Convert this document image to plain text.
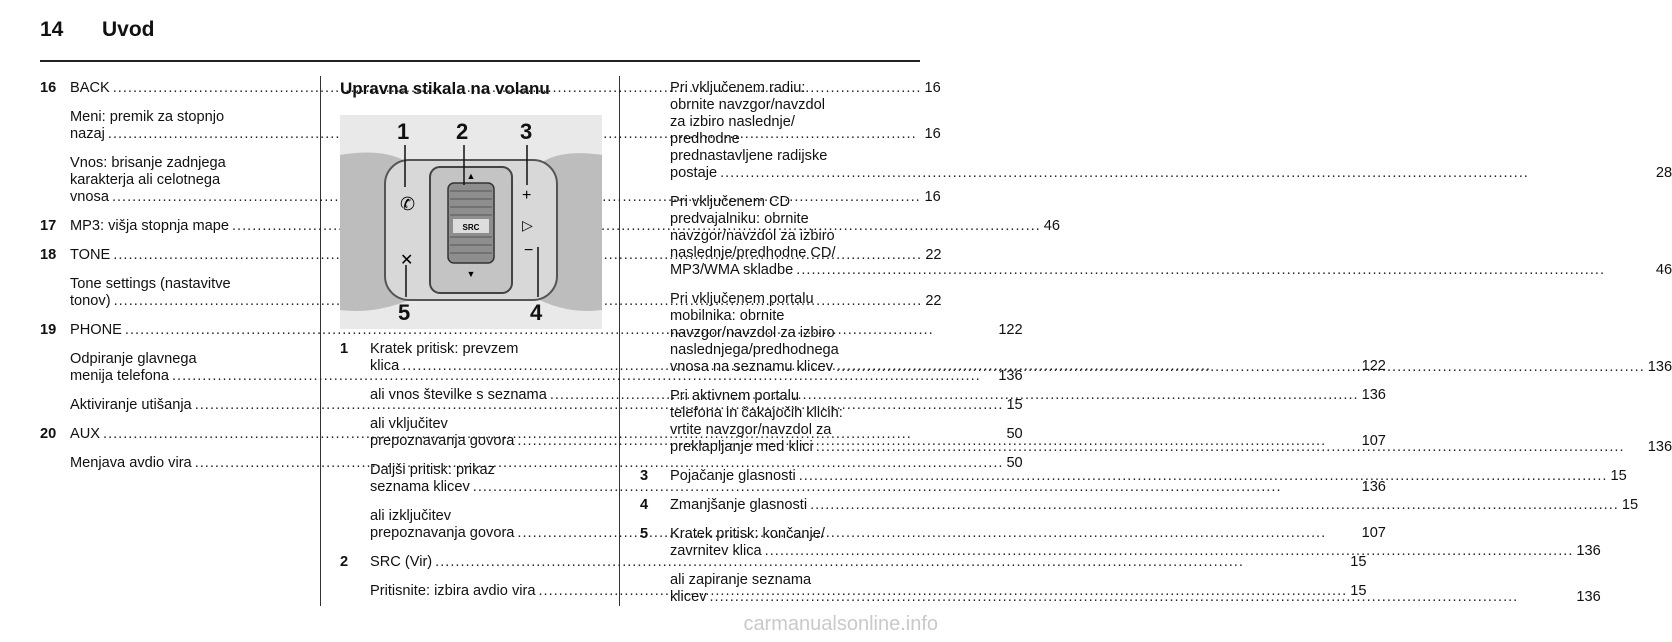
14 Uvod
16 BACK .....	16
Meni: premik za stopnjo
nazaj .....	16
Vnos: brisanje zadnjega
karakterja ali celotnega
vnosa .....	16
17 MP3: višja stopnja mape .....	46
18 TONE .....	22
Tone settings (nastavitve
tonov) .....	22
19 PHONE .....	122
Odpiranje glavnega
menija telefona .....	136
Aktiviranje utišanja .....	15
20 AUX .....	50
Menjava avdio vira .....	50
Upravna stikala na volanu
SRC
▲
▼
✆
✕
+
▷
−
1 2 3
4
5
1	Kratek pritisk: prevzem
klica .....	122
ali vnos številke s seznama .....	136
ali vključitev
prepoznavanja govora .....	107
Daljši pritisk: prikaz
seznama klicev .....	136
ali izključitev
prepoznavanja govora .....	107
2	SRC (Vir) .....	15
Pritisnite: izbira avdio vira .....	15
Pri vključenem radiu:
obrnite navzgor/navzdol
za izbiro naslednje/
predhodne
prednastavljene radijske
postaje .....	28
Pri vključenem CD
predvajalniku: obrnite
navzgor/navzdol za izbiro
naslednje/predhodne CD/
MP3/WMA skladbe .....	46
Pri vključenem portalu
mobilnika: obrnite
navzgor/navzdol za izbiro
naslednjega/predhodnega
vnosa na seznamu klicev .....	136
Pri aktivnem portalu
telefona in čakajočih klicih:
vrtite navzgor/navzdol za
preklapljanje med klici .....	136
3	Pojačanje glasnosti .....	15
4	Zmanjšanje glasnosti .....	15
5	Kratek pritisk: končanje/
zavrnitev klica .....	136
ali zapiranje seznama
klicev .....	136
carmanualsonline.info
